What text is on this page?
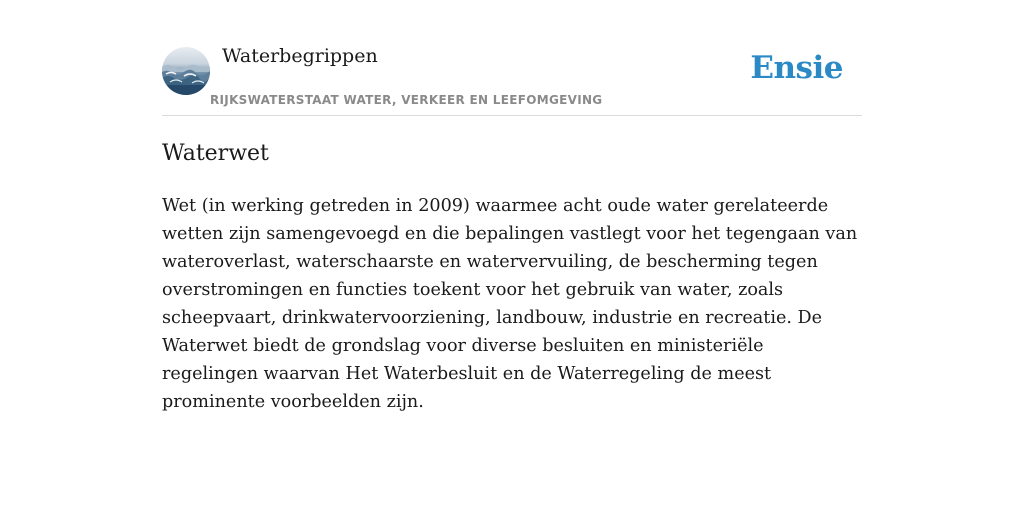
Waterbegrippen
RIJKSWATERSTAAT WATER, VERKEER EN LEEFOMGEVING
Ensie
Waterwet

Wet (in werking getreden in 2009) waarmee acht oude water gerelateerde wetten zijn samengevoegd en die bepalingen vastlegt voor het tegengaan van wateroverlast, waterschaarste en watervervuiling, de bescherming tegen overstromingen en functies toekent voor het gebruik van water, zoals scheepvaart, drinkwatervoorziening, landbouw, industrie en recreatie. De Waterwet biedt de grondslag voor diverse besluiten en ministeriële regelingen waarvan Het Waterbesluit en de Waterregeling de meest prominente voorbeelden zijn.
